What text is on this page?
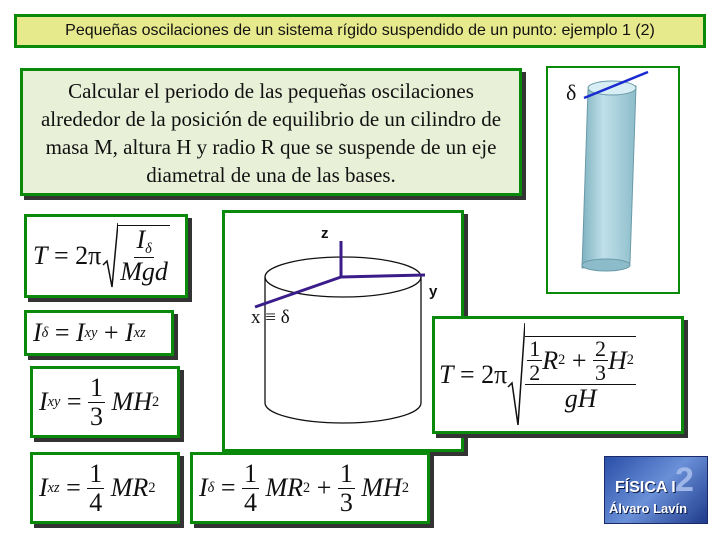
Pequeñas oscilaciones de un sistema rígido suspendido de un punto: ejemplo 1 (2)
Calcular el periodo de las pequeñas oscilaciones alrededor de la posición de equilibrio de un cilindro de masa M, altura H y radio R que se suspende de un eje diametral de una de las bases.
δ
$T = 2\pi \frac{I_\delta}{\text{Mgd}}$
I δ = I xy + I xz
I xy = $\frac{1}{3}$ MH 2
I xz = $\frac{1}{4}$ MR 2
z
y
x ≡ δ
$T = 2\pi \frac{\frac{1}{2} R 2 + \frac{2}{3} H 2}{gH}$
I $\delta = \frac{1}{4}$ MR $2 + \frac{1}{3}$ MH 2	2
FÍSICA I
Álvaro Lavín
